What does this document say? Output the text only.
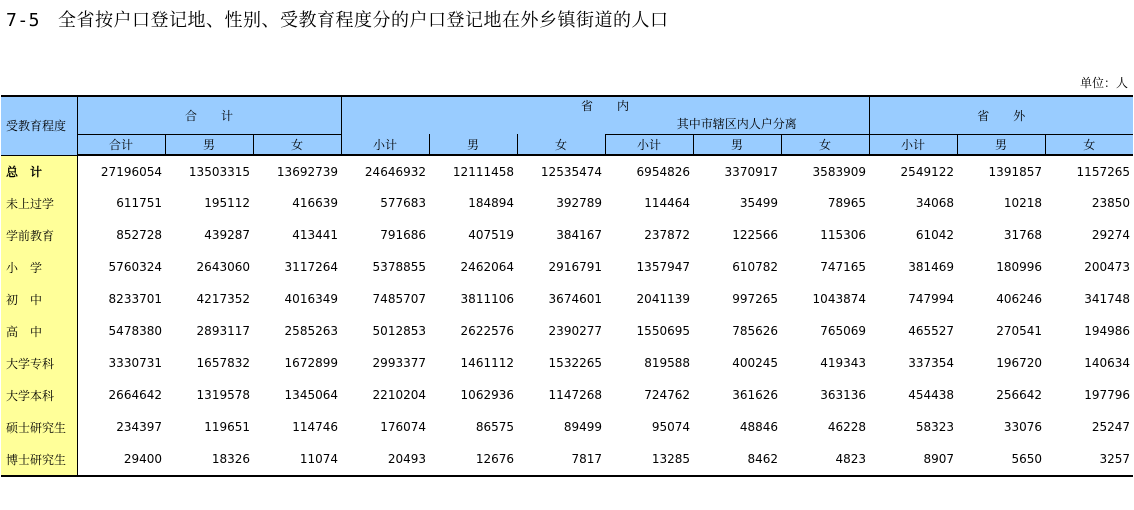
7-5 全省按户口登记地、性别、受教育程度分的户口登记地在外乡镇街道的人口
单位：人
受教育程度	合　　计			省　　内						省　　外		
							其中市辖区内人户分离					
	合计	男	女	小计	男	女	小计	男	女	小计	男	女
总　计	27196054	13503315	13692739	24646932	12111458	12535474	6954826	3370917	3583909	2549122	1391857	1157265
未上过学	611751	195112	416639	577683	184894	392789	114464	35499	78965	34068	10218	23850
学前教育	852728	439287	413441	791686	407519	384167	237872	122566	115306	61042	31768	29274
小　学	5760324	2643060	3117264	5378855	2462064	2916791	1357947	610782	747165	381469	180996	200473
初　中	8233701	4217352	4016349	7485707	3811106	3674601	2041139	997265	1043874	747994	406246	341748
高　中	5478380	2893117	2585263	5012853	2622576	2390277	1550695	785626	765069	465527	270541	194986
大学专科	3330731	1657832	1672899	2993377	1461112	1532265	819588	400245	419343	337354	196720	140634
大学本科	2664642	1319578	1345064	2210204	1062936	1147268	724762	361626	363136	454438	256642	197796
硕士研究生	234397	119651	114746	176074	86575	89499	95074	48846	46228	58323	33076	25247
博士研究生	29400	18326	11074	20493	12676	7817	13285	8462	4823	8907	5650	3257
